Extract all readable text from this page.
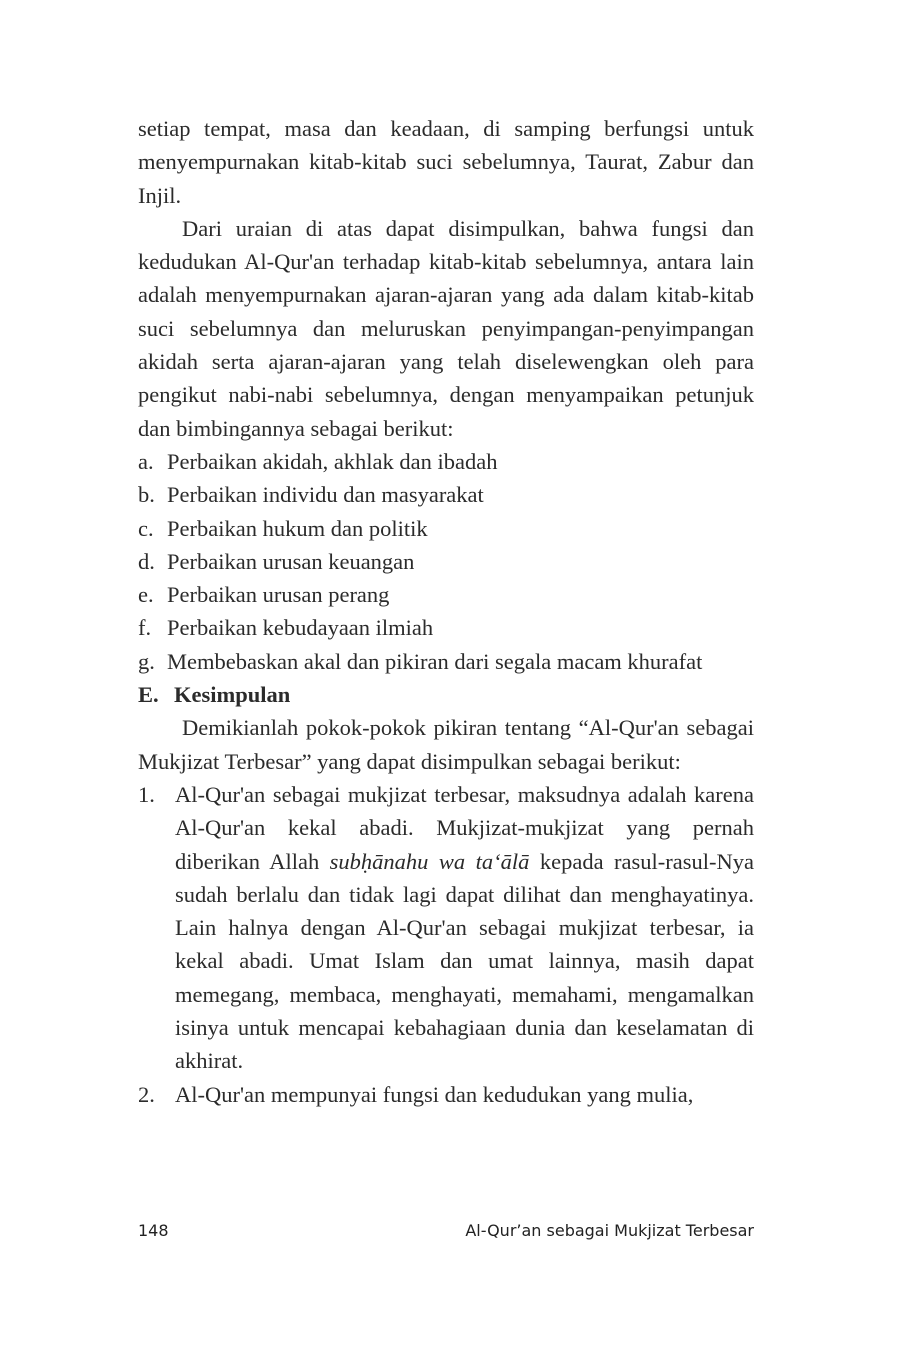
setiap tempat, masa dan keadaan, di samping berfungsi untuk menyempurnakan kitab-kitab suci sebelumnya, Taurat, Zabur dan Injil.

Dari uraian di atas dapat disimpulkan, bahwa fungsi dan kedudukan Al-Qur'an terhadap kitab-kitab sebelumnya, antara lain adalah menyempurnakan ajaran-ajaran yang ada dalam kitab-kitab suci sebelumnya dan meluruskan penyimpangan-penyimpangan akidah serta ajaran-ajaran yang telah diselewengkan oleh para pengikut nabi-nabi sebelumnya, dengan menyampaikan petunjuk dan bimbingannya sebagai berikut:

a. Perbaikan akidah, akhlak dan ibadah
b. Perbaikan individu dan masyarakat
c. Perbaikan hukum dan politik
d. Perbaikan urusan keuangan
e. Perbaikan urusan perang
f. Perbaikan kebudayaan ilmiah
g. Membebaskan akal dan pikiran dari segala macam khurafat

E. Kesimpulan

Demikianlah pokok-pokok pikiran tentang “Al-Qur'an sebagai Mukjizat Terbesar” yang dapat disimpulkan sebagai berikut:

1. Al-Qur'an sebagai mukjizat terbesar, maksudnya adalah karena Al-Qur'an kekal abadi. Mukjizat-mukjizat yang pernah diberikan Allah subḥānahu wa ta‘ālā kepada rasul-rasul-Nya sudah berlalu dan tidak lagi dapat dilihat dan menghayatinya. Lain halnya dengan Al-Qur'an sebagai mukjizat terbesar, ia kekal abadi. Umat Islam dan umat lainnya, masih dapat memegang, membaca, menghayati, memahami, mengamalkan isinya untuk mencapai kebahagiaan dunia dan keselamatan di akhirat.
2. Al-Qur'an mempunyai fungsi dan kedudukan yang mulia,
148	Al-Qur’an sebagai Mukjizat Terbesar
